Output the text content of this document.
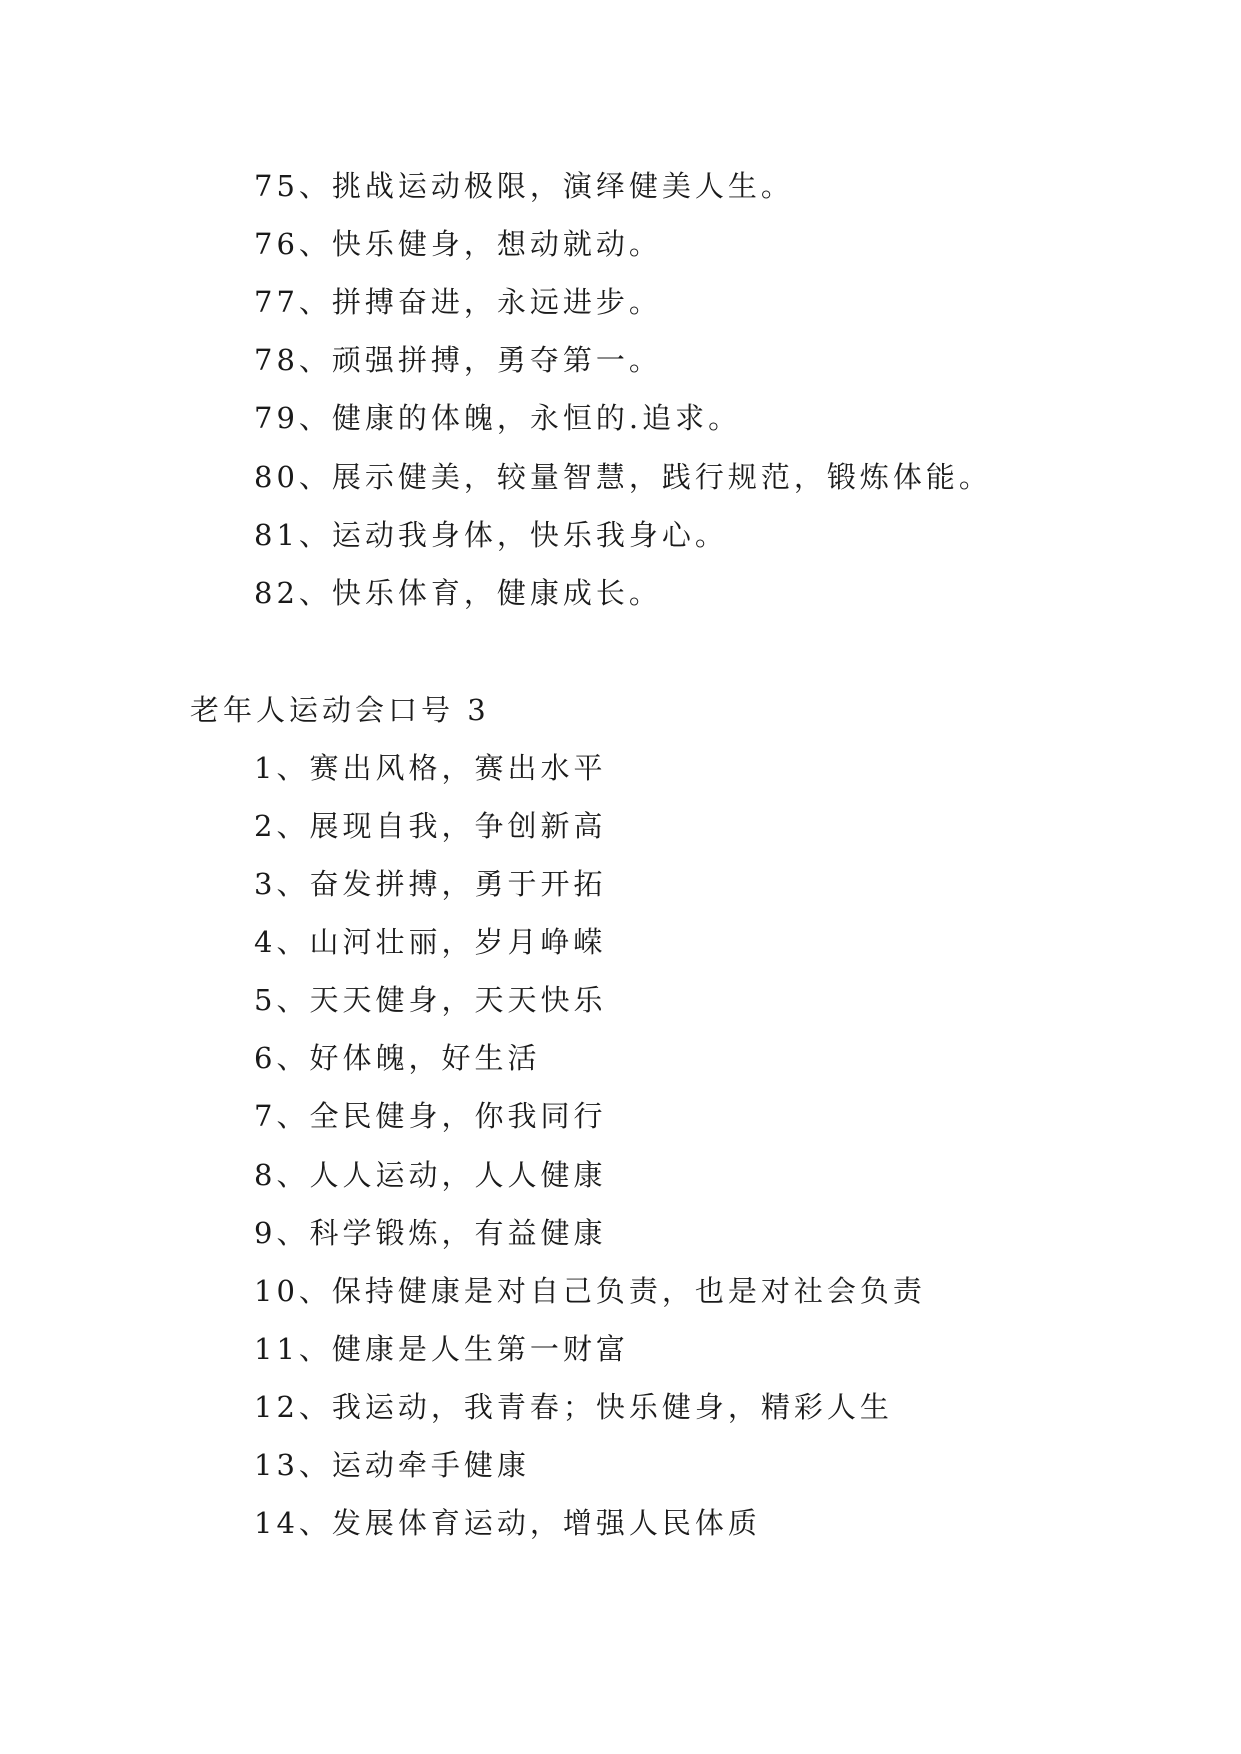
75、挑战运动极限，演绎健美人生。
76、快乐健身，想动就动。
77、拼搏奋进，永远进步。
78、顽强拼搏，勇夺第一。
79、健康的体魄，永恒的.追求。
80、展示健美，较量智慧，践行规范，锻炼体能。
81、运动我身体，快乐我身心。
82、快乐体育，健康成长。
老年人运动会口号 3
1、赛出风格，赛出水平
2、展现自我，争创新高
3、奋发拼搏，勇于开拓
4、山河壮丽，岁月峥嵘
5、天天健身，天天快乐
6、好体魄，好生活
7、全民健身，你我同行
8、人人运动，人人健康
9、科学锻炼，有益健康
10、保持健康是对自己负责，也是对社会负责
11、健康是人生第一财富
12、我运动，我青春；快乐健身，精彩人生
13、运动牵手健康
14、发展体育运动，增强人民体质
